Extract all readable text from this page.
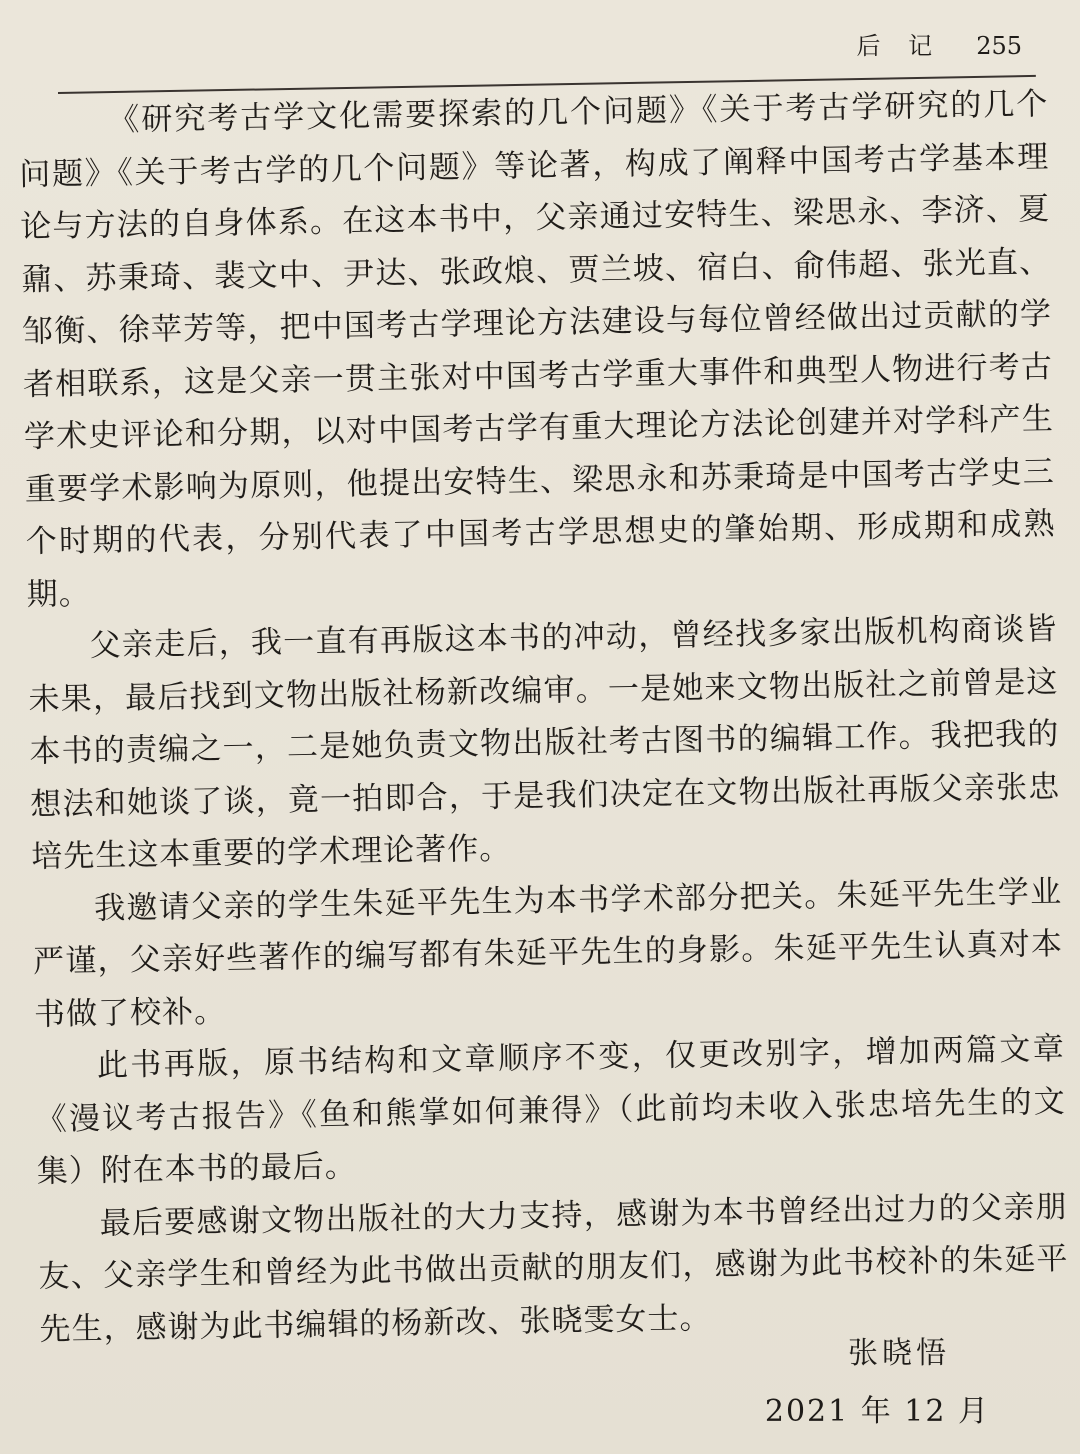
后 记 255

《研究考古学文化需要探索的几个问题》《关于考古学研究的几个问题》《关于考古学的几个问题》等论著，构成了阐释中国考古学基本理论与方法的自身体系。在这本书中，父亲通过安特生、梁思永、李济、夏鼐、苏秉琦、裴文中、尹达、张政烺、贾兰坡、宿白、俞伟超、张光直、邹衡、徐苹芳等，把中国考古学理论方法建设与每位曾经做出过贡献的学者相联系，这是父亲一贯主张对中国考古学重大事件和典型人物进行考古学术史评论和分期，以对中国考古学有重大理论方法论创建并对学科产生重要学术影响为原则，他提出安特生、梁思永和苏秉琦是中国考古学史三个时期的代表，分别代表了中国考古学思想史的肇始期、形成期和成熟期。

父亲走后，我一直有再版这本书的冲动，曾经找多家出版机构商谈皆未果，最后找到文物出版社杨新改编审。一是她来文物出版社之前曾是这本书的责编之一，二是她负责文物出版社考古图书的编辑工作。我把我的想法和她谈了谈，竟一拍即合，于是我们决定在文物出版社再版父亲张忠培先生这本重要的学术理论著作。

我邀请父亲的学生朱延平先生为本书学术部分把关。朱延平先生学业严谨，父亲好些著作的编写都有朱延平先生的身影。朱延平先生认真对本书做了校补。

此书再版，原书结构和文章顺序不变，仅更改别字，增加两篇文章《漫议考古报告》《鱼和熊掌如何兼得》（此前均未收入张忠培先生的文集）附在本书的最后。

最后要感谢文物出版社的大力支持，感谢为本书曾经出过力的父亲朋友、父亲学生和曾经为此书做出贡献的朋友们，感谢为此书校补的朱延平先生，感谢为此书编辑的杨新改、张晓雯女士。

张晓悟
2021 年 12 月
